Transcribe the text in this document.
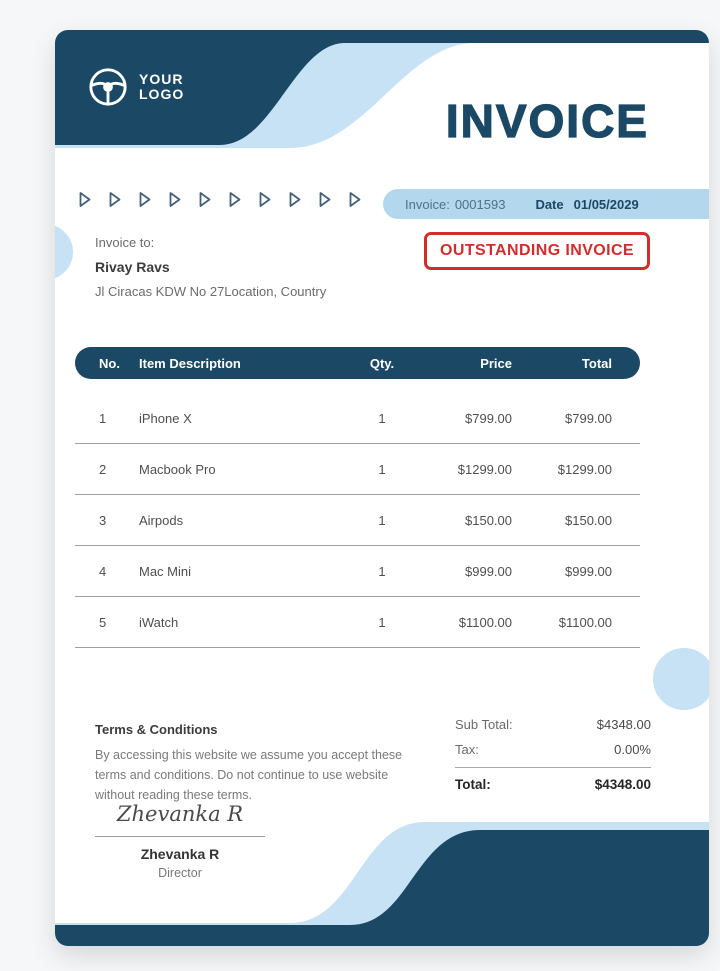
YOUR
LOGO
INVOICE
Invoice: 0001593 Date 01/05/2029
OUTSTANDING INVOICE
Invoice to:
Rivay Ravs
Jl Ciracas KDW No 27Location, Country
No.	Item Description	Qty.	Price	Total
1	iPhone X	1	$799.00	$799.00
2	Macbook Pro	1	$1299.00	$1299.00
3	Airpods	1	$150.00	$150.00
4	Mac Mini	1	$999.00	$999.00
5	iWatch	1	$1100.00	$1100.00
Terms & Conditions
By accessing this website we assume you accept these terms and conditions. Do not continue to use website without reading these terms.
Sub Total:	$4348.00
Tax:	0.00%
Total:	$4348.00
Zhevanka R
Zhevanka R
Director
